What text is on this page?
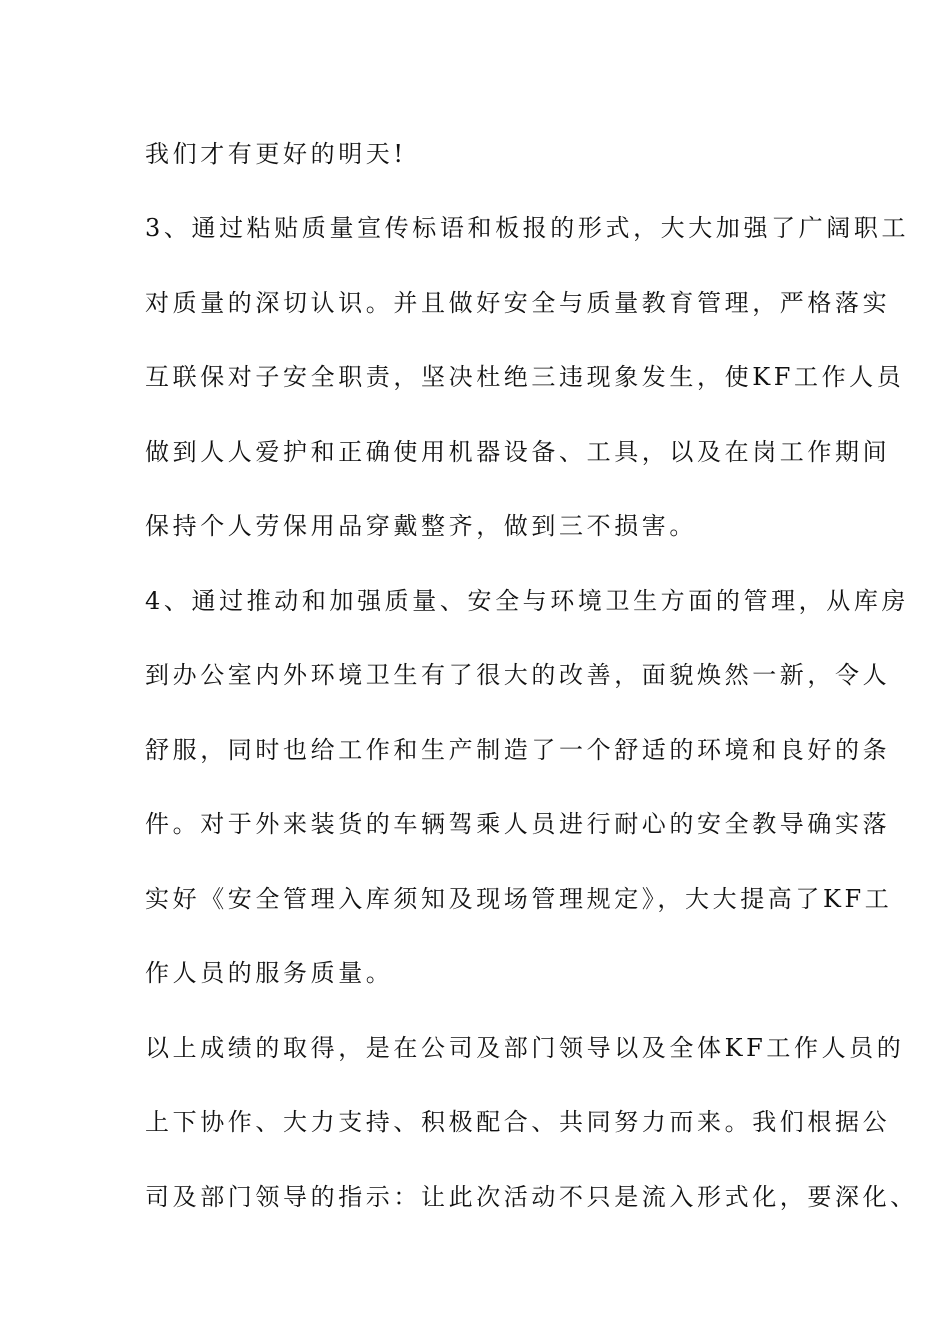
我们才有更好的明天!
3、通过粘贴质量宣传标语和板报的形式，大大加强了广阔职工
对质量的深切认识。并且做好安全与质量教育管理，严格落实
互联保对子安全职责，坚决杜绝三违现象发生，使KF工作人员
做到人人爱护和正确使用机器设备、工具，以及在岗工作期间
保持个人劳保用品穿戴整齐，做到三不损害。
4、通过推动和加强质量、安全与环境卫生方面的管理，从库房
到办公室内外环境卫生有了很大的改善，面貌焕然一新，令人
舒服，同时也给工作和生产制造了一个舒适的环境和良好的条
件。对于外来装货的车辆驾乘人员进行耐心的安全教导确实落
实好《安全管理入库须知及现场管理规定》，大大提高了KF工
作人员的服务质量。
以上成绩的取得，是在公司及部门领导以及全体KF工作人员的
上下协作、大力支持、积极配合、共同努力而来。我们根据公
司及部门领导的指示：让此次活动不只是流入形式化，要深化、
